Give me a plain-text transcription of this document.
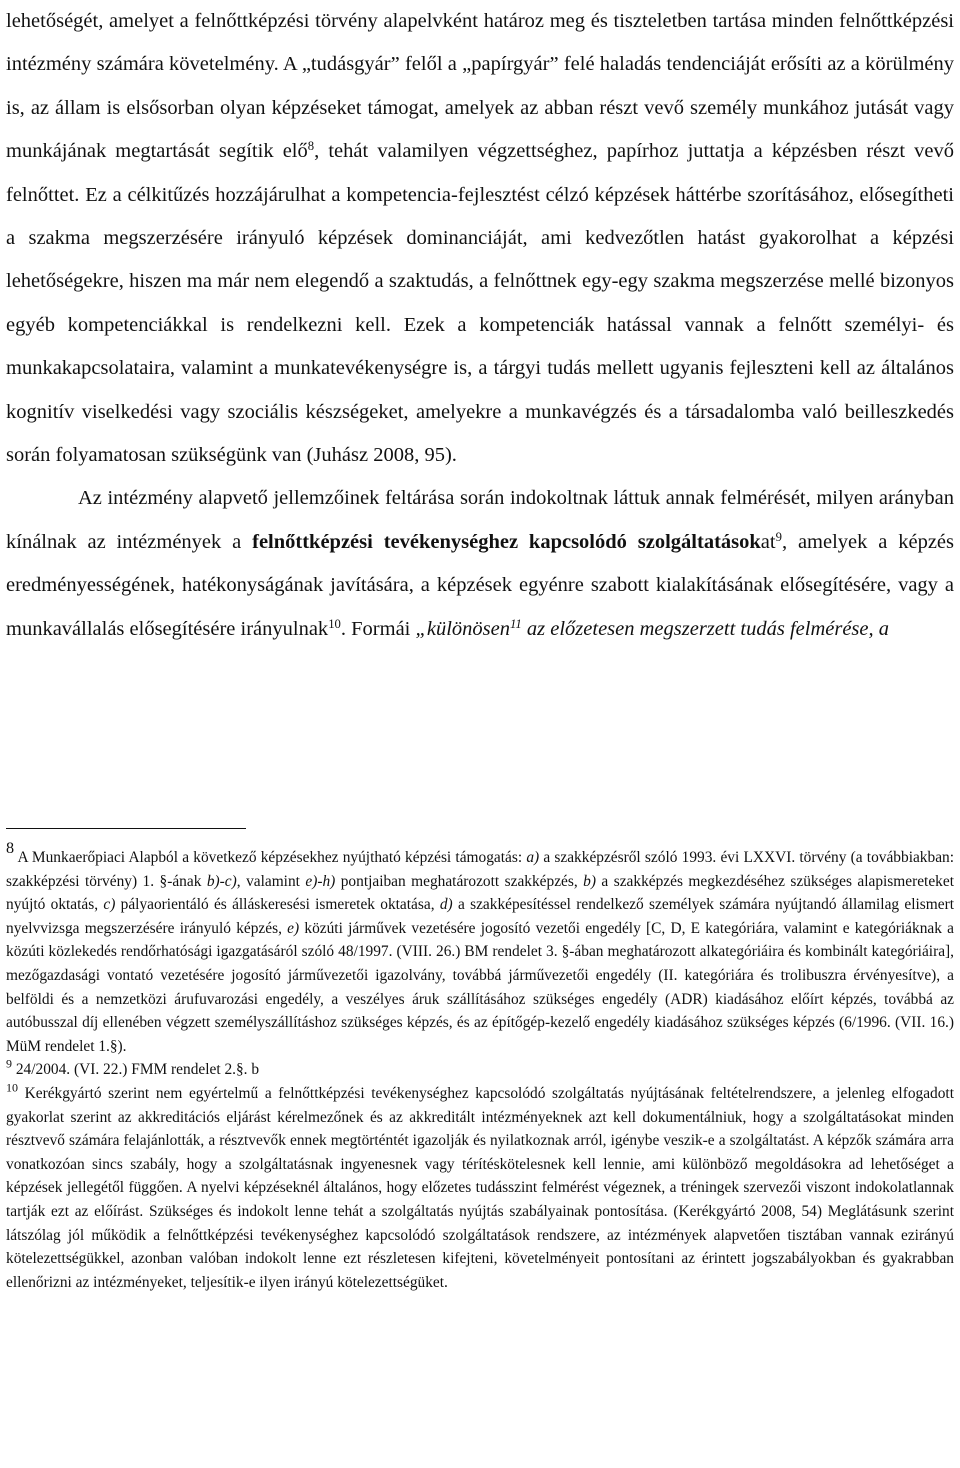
lehetőségét, amelyet a felnőttképzési törvény alapelvként határoz meg és tiszteletben tartása minden felnőttképzési intézmény számára követelmény. A „tudásgyár” felől a „papírgyár” felé haladás tendenciáját erősíti az a körülmény is, az állam is elsősorban olyan képzéseket támogat, amelyek az abban részt vevő személy munkához jutását vagy munkájának megtartását segítik elő$^8$, tehát valamilyen végzettséghez, papírhoz juttatja a képzésben részt vevő felnőttet. Ez a célkitűzés hozzájárulhat a kompetencia-fejlesztést célzó képzések háttérbe szorításához, elősegítheti a szakma megszerzésére irányuló képzések dominanciáját, ami kedvezőtlen hatást gyakorolhat a képzési lehetőségekre, hiszen ma már nem elegendő a szaktudás, a felnőttnek egy-egy szakma megszerzése mellé bizonyos egyéb kompetenciákkal is rendelkezni kell. Ezek a kompetenciák hatással vannak a felnőtt személyi- és munkakapcsolataira, valamint a munkatevékenységre is, a tárgyi tudás mellett ugyanis fejleszteni kell az általános kognitív viselkedési vagy szociális készségeket, amelyekre a munkavégzés és a társadalomba való beilleszkedés során folyamatosan szükségünk van (Juhász 2008, 95).

Az intézmény alapvető jellemzőinek feltárása során indokoltnak láttuk annak felmérését, milyen arányban kínálnak az intézmények a felnőttképzési tevékenységhez kapcsolódó szolgáltatásokat$^9$, amelyek a képzés eredményességének, hatékonyságának javítására, a képzések egyénre szabott kialakításának elősegítésére, vagy a munkavállalás elősegítésére irányulnak$^{10}$. Formái „különösen$^{11}$ az előzetesen megszerzett tudás felmérése, a

8 A Munkaerőpiaci Alapból a következő képzésekhez nyújtható képzési támogatás: a) a szakképzésről szóló 1993. évi LXXVI. törvény (a továbbiakban: szakképzési törvény) 1. §-ának b)-c), valamint e)-h) pontjaiban meghatározott szakképzés, b) a szakképzés megkezdéséhez szükséges alapismereteket nyújtó oktatás, c) pályaorientáló és álláskeresési ismeretek oktatása, d) a szakképesítéssel rendelkező személyek számára nyújtandó államilag elismert nyelvvizsga megszerzésére irányuló képzés, e) közúti járművek vezetésére jogosító vezetői engedély [C, D, E kategóriára, valamint e kategóriáknak a közúti közlekedés rendőrhatósági igazgatásáról szóló 48/1997. (VIII. 26.) BM rendelet 3. §-ában meghatározott alkategóriáira és kombinált kategóriáira], mezőgazdasági vontató vezetésére jogosító járművezetői igazolvány, továbbá járművezetői engedély (II. kategóriára és trolibuszra érvényesítve), a belföldi és a nemzetközi árufuvarozási engedély, a veszélyes áruk szállításához szükséges engedély (ADR) kiadásához előírt képzés, továbbá az autóbusszal díj ellenében végzett személyszállításhoz szükséges képzés, és az építőgép-kezelő engedély kiadásához szükséges képzés (6/1996. (VII. 16.) MüM rendelet 1.§).

$^9$ 24/2004. (VI. 22.) FMM rendelet 2.§. b

$^{10}$ Kerékgyártó szerint nem egyértelmű a felnőttképzési tevékenységhez kapcsolódó szolgáltatás nyújtásának feltételrendszere, a jelenleg elfogadott gyakorlat szerint az akkreditációs eljárást kérelmezőnek és az akkreditált intézményeknek azt kell dokumentálniuk, hogy a szolgáltatásokat minden résztvevő számára felajánlották, a résztvevők ennek megtörténtét igazolják és nyilatkoznak arról, igénybe veszik-e a szolgáltatást. A képzők számára arra vonatkozóan sincs szabály, hogy a szolgáltatásnak ingyenesnek vagy térítéskötelesnek kell lennie, ami különböző megoldásokra ad lehetőséget a képzések jellegétől függően. A nyelvi képzéseknél általános, hogy előzetes tudásszint felmérést végeznek, a tréningek szervezői viszont indokolatlannak tartják ezt az előírást. Szükséges és indokolt lenne tehát a szolgáltatás nyújtás szabályainak pontosítása. (Kerékgyártó 2008, 54) Meglátásunk szerint látszólag jól működik a felnőttképzési tevékenységhez kapcsolódó szolgáltatások rendszere, az intézmények alapvetően tisztában vannak ezirányú kötelezettségükkel, azonban valóban indokolt lenne ezt részletesen kifejteni, követelményeit pontosítani az érintett jogszabályokban és gyakrabban ellenőrizni az intézményeket, teljesítik-e ilyen irányú kötelezettségüket.
